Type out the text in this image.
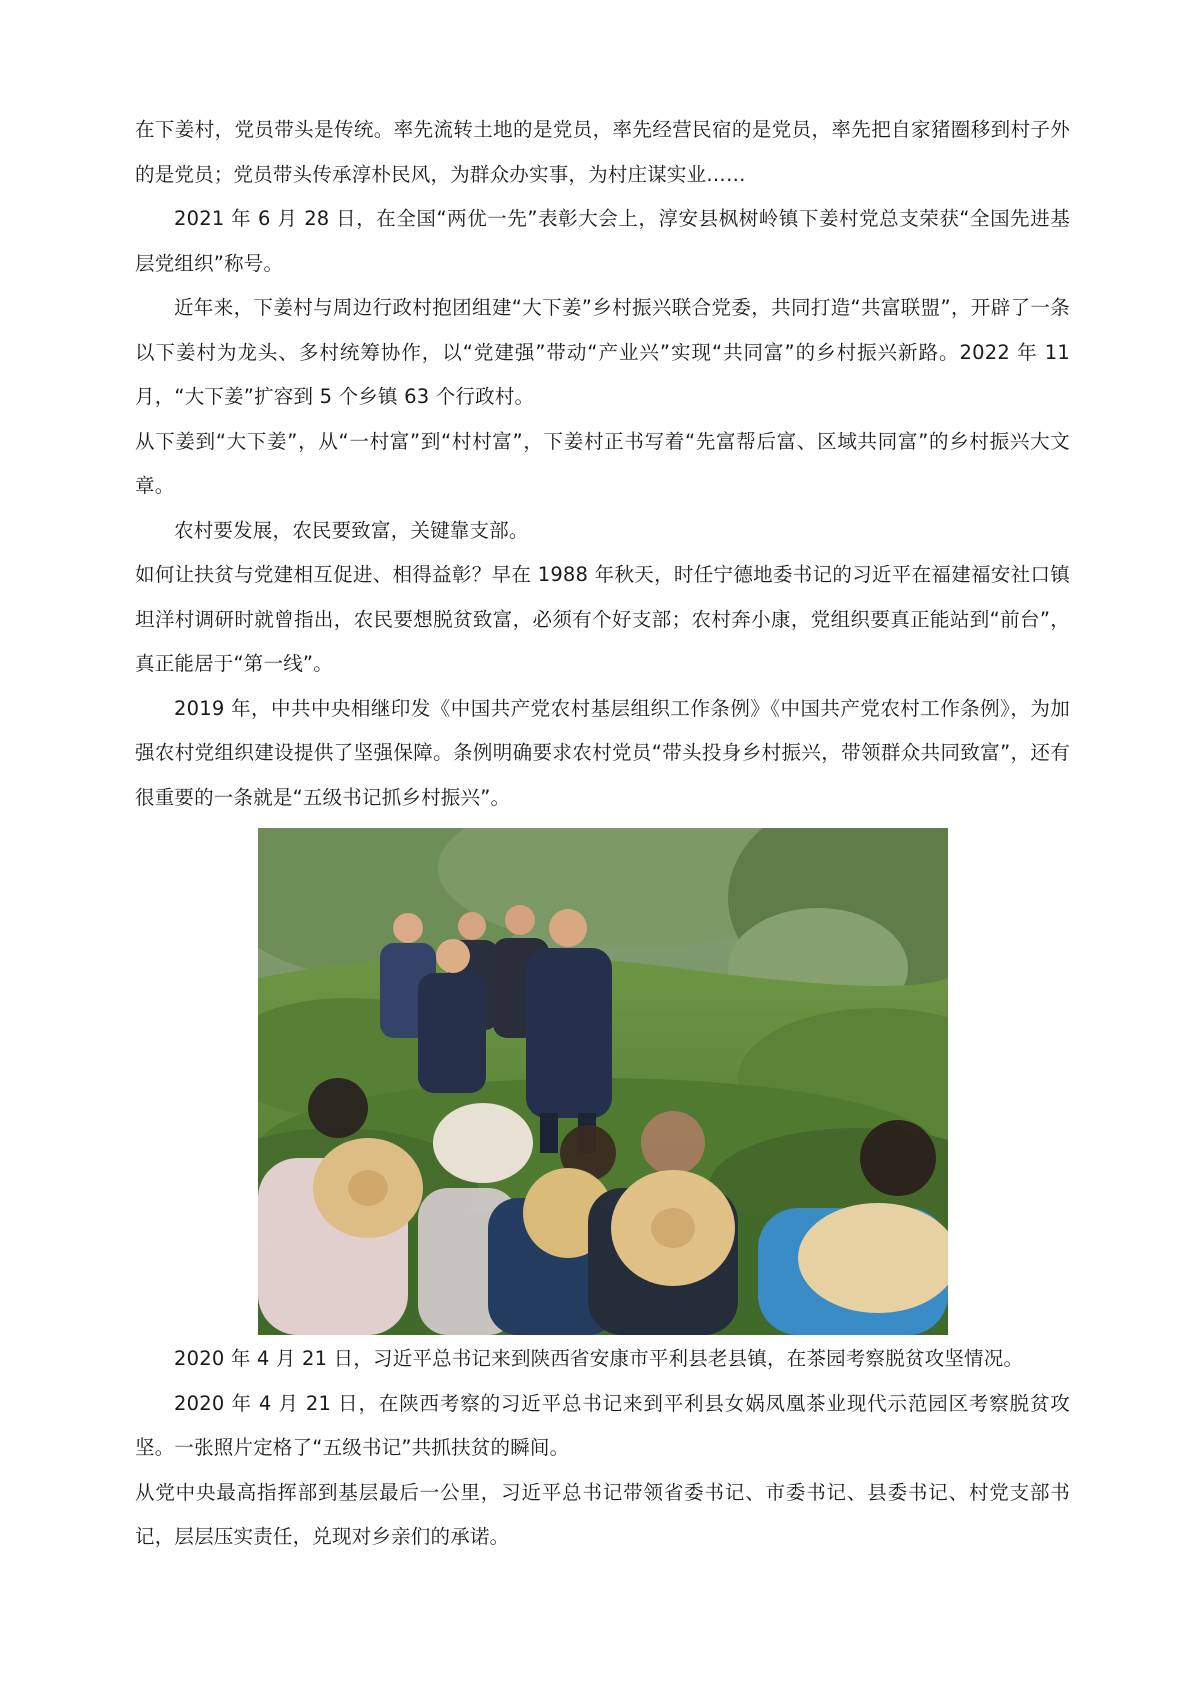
在下姜村，党员带头是传统。率先流转土地的是党员，率先经营民宿的是党员，率先把自家猪圈移到村子外的是党员；党员带头传承淳朴民风，为群众办实事，为村庄谋实业……

2021 年 6 月 28 日，在全国“两优一先”表彰大会上，淳安县枫树岭镇下姜村党总支荣获“全国先进基层党组织”称号。

近年来，下姜村与周边行政村抱团组建“大下姜”乡村振兴联合党委，共同打造“共富联盟”，开辟了一条以下姜村为龙头、多村统筹协作，以“党建强”带动“产业兴”实现“共同富”的乡村振兴新路。2022 年 11 月，“大下姜”扩容到 5 个乡镇 63 个行政村。

从下姜到“大下姜”，从“一村富”到“村村富”，下姜村正书写着“先富帮后富、区域共同富”的乡村振兴大文章。

农村要发展，农民要致富，关键靠支部。

如何让扶贫与党建相互促进、相得益彰？早在 1988 年秋天，时任宁德地委书记的习近平在福建福安社口镇坦洋村调研时就曾指出，农民要想脱贫致富，必须有个好支部；农村奔小康，党组织要真正能站到“前台”，真正能居于“第一线”。

2019 年，中共中央相继印发《中国共产党农村基层组织工作条例》《中国共产党农村工作条例》，为加强农村党组织建设提供了坚强保障。条例明确要求农村党员“带头投身乡村振兴，带领群众共同致富”，还有很重要的一条就是“五级书记抓乡村振兴”。

2020 年 4 月 21 日，习近平总书记来到陕西省安康市平利县老县镇，在茶园考察脱贫攻坚情况。

2020 年 4 月 21 日，在陕西考察的习近平总书记来到平利县女娲凤凰茶业现代示范园区考察脱贫攻坚。一张照片定格了“五级书记”共抓扶贫的瞬间。

从党中央最高指挥部到基层最后一公里，习近平总书记带领省委书记、市委书记、县委书记、村党支部书记，层层压实责任，兑现对乡亲们的承诺。
